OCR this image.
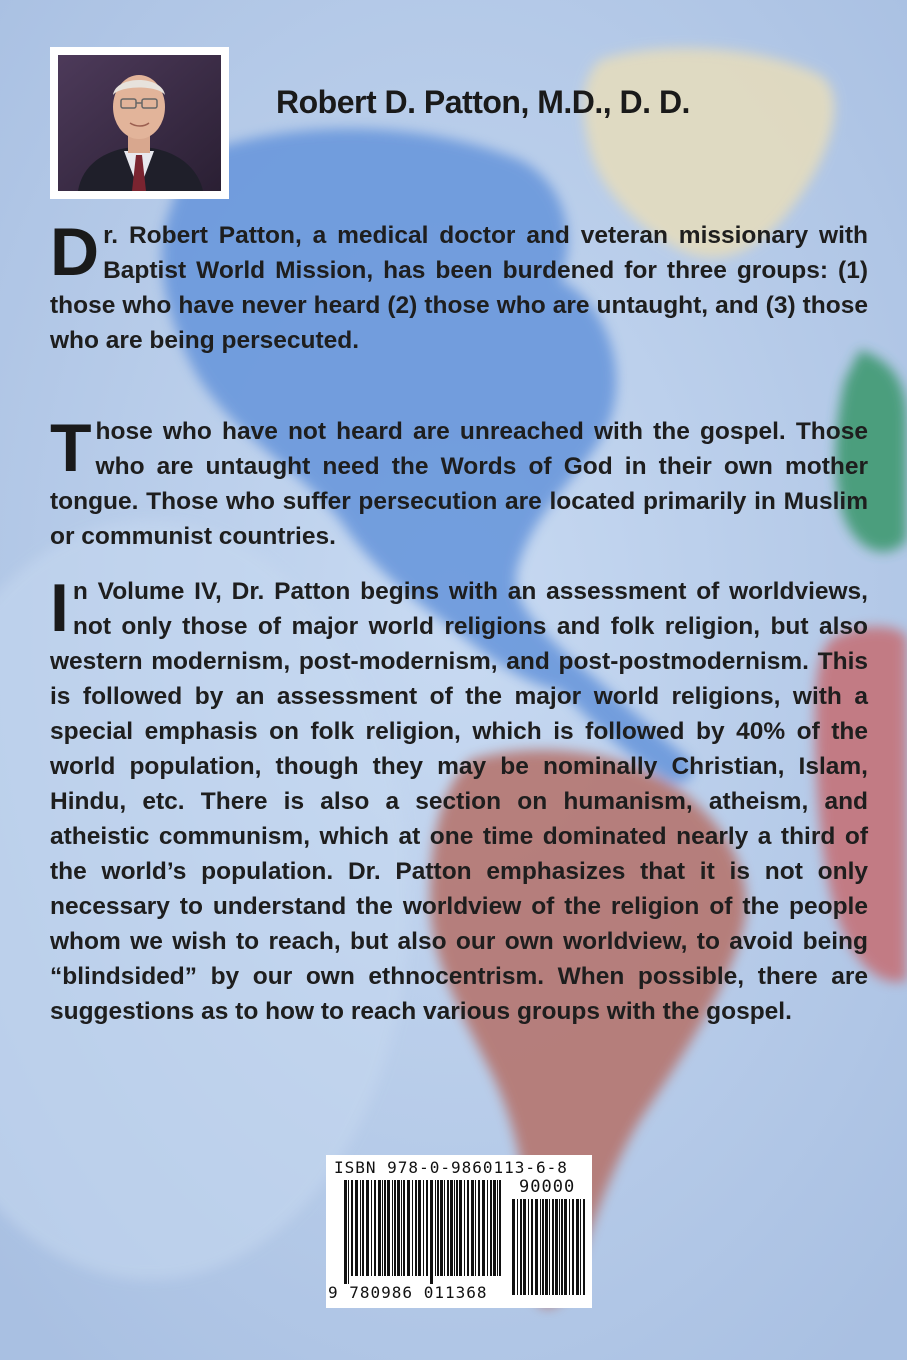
Robert D. Patton, M.D., D. D.

Dr. Robert Patton, a medical doctor and veteran missionary with Baptist World Mission, has been burdened for three groups: (1) those who have never heard (2) those who are untaught, and (3) those who are being persecuted.

Those who have not heard are unreached with the gospel. Those who are untaught need the Words of God in their own mother tongue. Those who suffer persecution are located primarily in Muslim or communist countries.

In Volume IV, Dr. Patton begins with an assessment of worldviews, not only those of major world religions and folk religion, but also western modernism, post-modernism, and post-postmodernism. This is followed by an assessment of the major world religions, with a special emphasis on folk religion, which is followed by 40% of the world population, though they may be nominally Christian, Islam, Hindu, etc. There is also a section on humanism, atheism, and atheistic communism, which at one time dominated nearly a third of the world’s population. Dr. Patton emphasizes that it is not only necessary to understand the worldview of the religion of the people whom we wish to reach, but also our own worldview, to avoid being “blindsided” by our own ethnocentrism. When possible, there are suggestions as to how to reach various groups with the gospel.

ISBN 978-0-9860113-6-8
90000
9 780986 011368
